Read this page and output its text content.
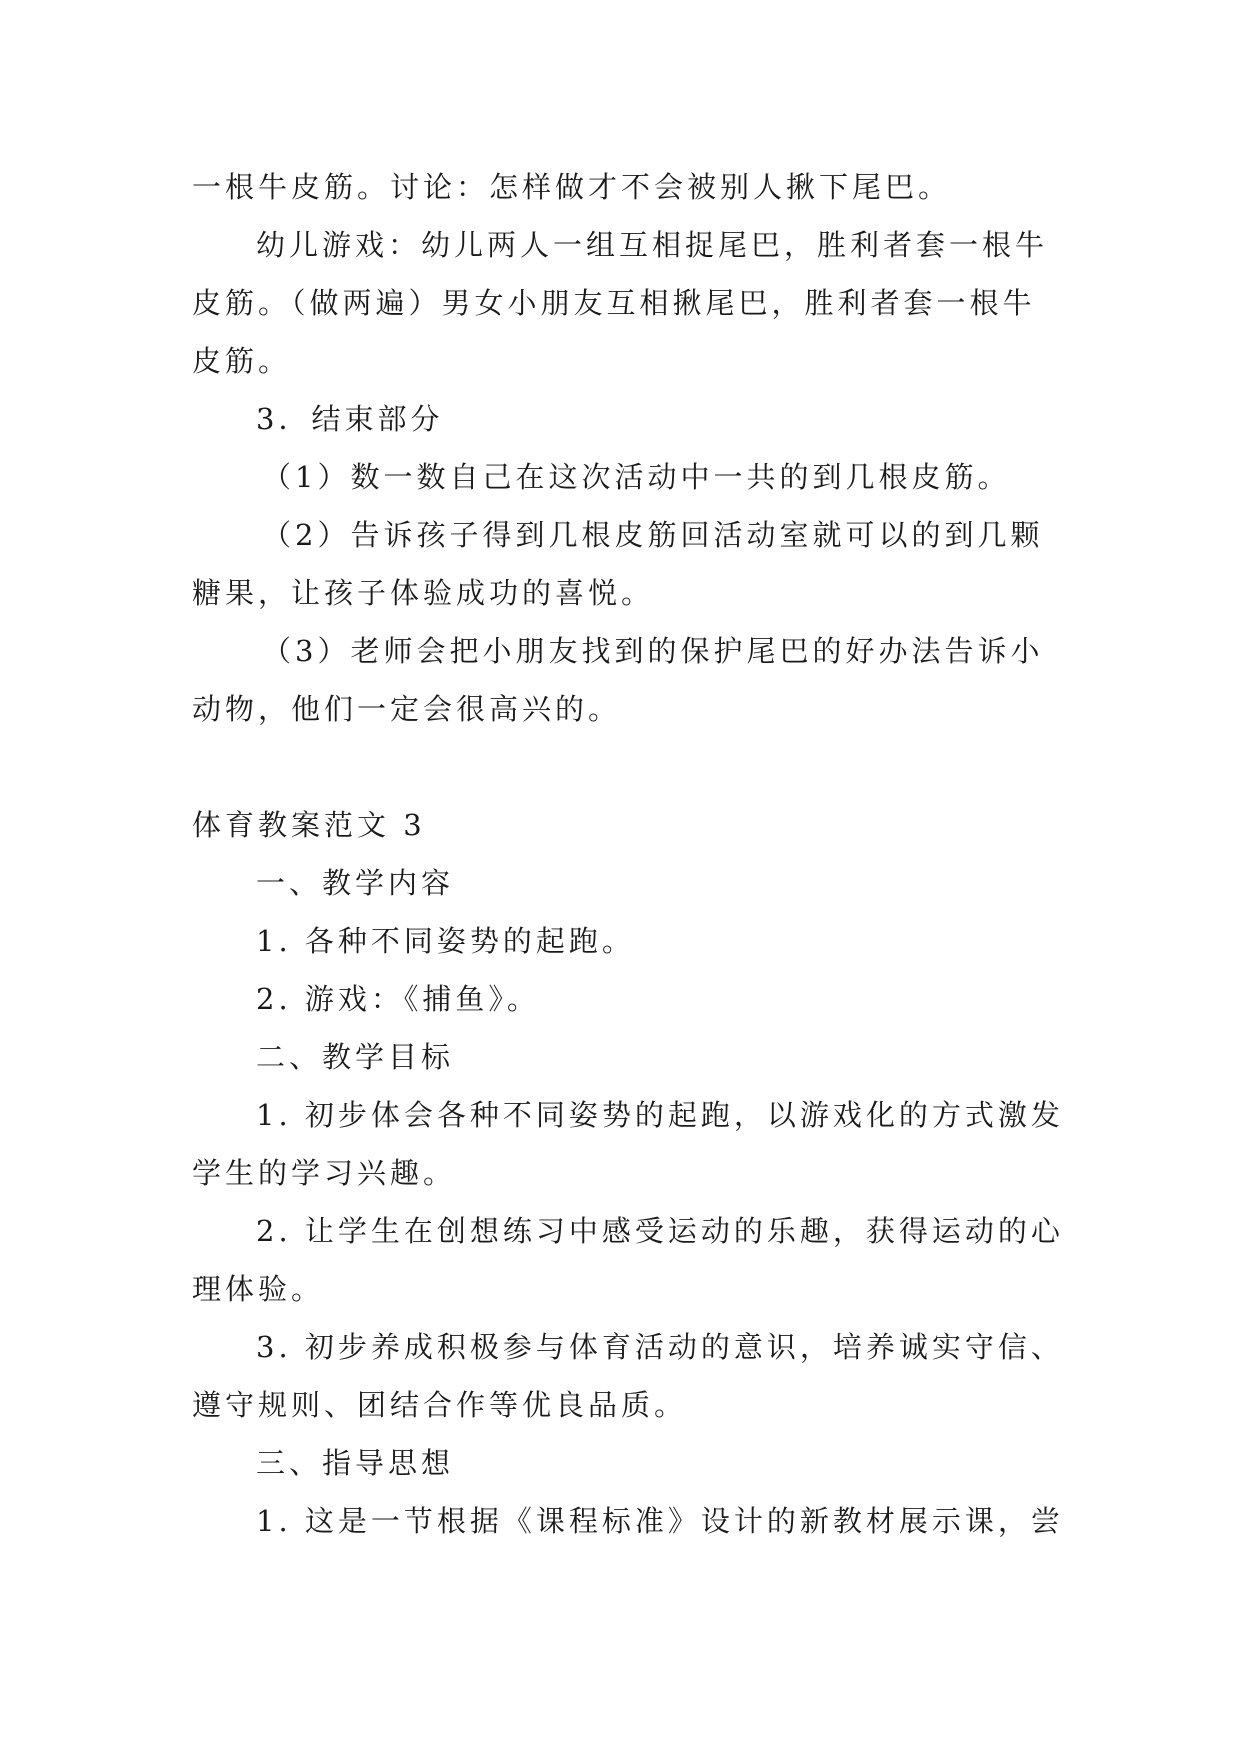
一根牛皮筋。讨论：怎样做才不会被别人揪下尾巴。
幼儿游戏：幼儿两人一组互相捉尾巴，胜利者套一根牛
皮筋。（做两遍）男女小朋友互相揪尾巴，胜利者套一根牛
皮筋。
3．结束部分
（1）数一数自己在这次活动中一共的到几根皮筋。
（2）告诉孩子得到几根皮筋回活动室就可以的到几颗
糖果，让孩子体验成功的喜悦。
（3）老师会把小朋友找到的保护尾巴的好办法告诉小
动物，他们一定会很高兴的。
体育教案范文 3
一、教学内容
1. 各种不同姿势的起跑。
2. 游戏：《捕鱼》。
二、教学目标
1. 初步体会各种不同姿势的起跑，以游戏化的方式激发
学生的学习兴趣。
2. 让学生在创想练习中感受运动的乐趣，获得运动的心
理体验。
3. 初步养成积极参与体育活动的意识，培养诚实守信、
遵守规则、团结合作等优良品质。
三、指导思想
1. 这是一节根据《课程标准》设计的新教材展示课，尝
